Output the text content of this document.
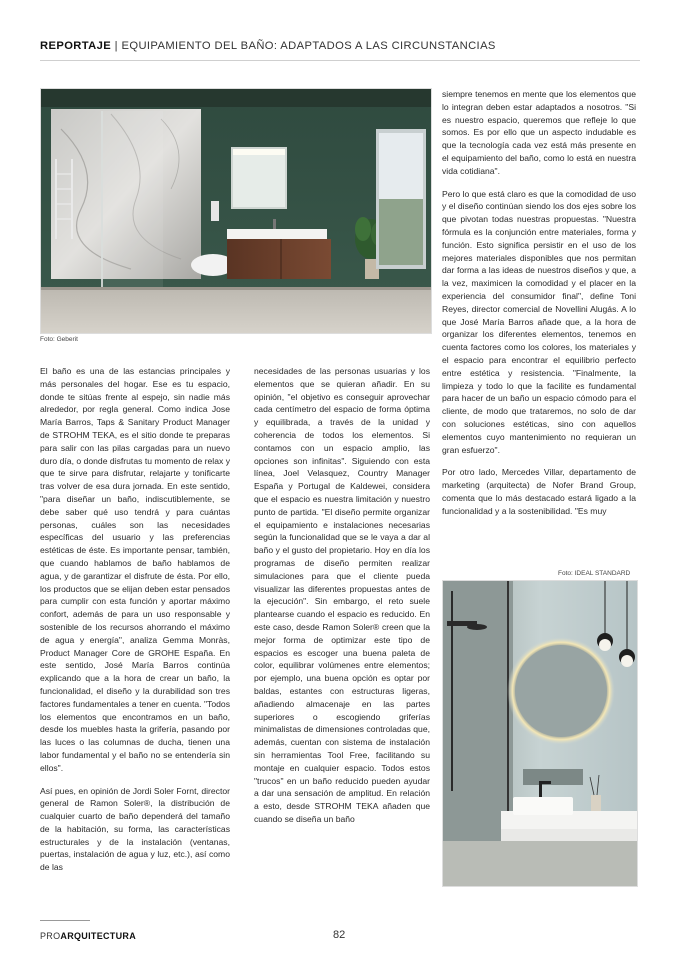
REPORTAJE | EQUIPAMIENTO DEL BAÑO: ADAPTADOS A LAS CIRCUNSTANCIAS
Foto: Geberit

El baño es una de las estancias principales y más personales del hogar. Ese es tu espacio, donde te sitúas frente al espejo, sin nadie más alrededor, por regla general. Como indica Jose María Barros, Taps & Sanitary Product Manager de STROHM TEKA, es el sitio donde te preparas para salir con las pilas cargadas para un nuevo duro día, o donde disfrutas tu momento de relax y que te sirve para disfrutar, relajarte y tonificarte tras volver de esa dura jornada. En este sentido, "para diseñar un baño, indiscutiblemente, se debe saber qué uso tendrá y para cuántas personas, cuáles son las necesidades específicas del usuario y las preferencias estéticas de éste. Es importante pensar, también, que cuando hablamos de baño hablamos de agua, y de garantizar el disfrute de ésta. Por ello, los productos que se elijan deben estar pensados para cumplir con esta función y aportar máximo confort, además de para un uso responsable y sostenible de los recursos ahorrando el máximo de agua y energía", analiza Gemma Monràs, Product Manager Core de GROHE España. En este sentido, José María Barros continúa explicando que a la hora de crear un baño, la funcionalidad, el diseño y la durabilidad son tres factores fundamentales a tener en cuenta. "Todos los elementos que encontramos en un baño, desde los muebles hasta la grifería, pasando por las luces o las columnas de ducha, tienen una labor fundamental y el baño no se entendería sin ellos".

Así pues, en opinión de Jordi Soler Fornt, director general de Ramon Soler®, la distribución de cualquier cuarto de baño dependerá del tamaño de la habitación, su forma, las características estructurales y de la instalación (ventanas, puertas, instalación de agua y luz, etc.), así como de las

necesidades de las personas usuarias y los elementos que se quieran añadir. En su opinión, "el objetivo es conseguir aprovechar cada centímetro del espacio de forma óptima y equilibrada, a través de la unidad y coherencia de todos los elementos. Si contamos con un espacio amplio, las opciones son infinitas". Siguiendo con esta línea, Joel Velasquez, Country Manager España y Portugal de Kaldewei, considera que el espacio es nuestra limitación y nuestro punto de partida. "El diseño permite organizar el equipamiento e instalaciones necesarias según la funcionalidad que se le vaya a dar al baño y el gusto del propietario. Hoy en día los programas de diseño permiten realizar simulaciones para que el cliente pueda visualizar las diferentes propuestas antes de la ejecución". Sin embargo, el reto suele plantearse cuando el espacio es reducido. En este caso, desde Ramon Soler® creen que la mejor forma de optimizar este tipo de espacios es escoger una buena paleta de color, equilibrar volúmenes entre elementos; por ejemplo, una buena opción es optar por baldas, estantes con estructuras ligeras, añadiendo almacenaje en las partes superiores o escogiendo griferías minimalistas de dimensiones controladas que, además, cuentan con sistema de instalación sin herramientas Tool Free, facilitando su montaje en cualquier espacio. Todos estos "trucos" en un baño reducido pueden ayudar a dar una sensación de amplitud. En relación a esto, desde STROHM TEKA añaden que cuando se diseña un baño

siempre tenemos en mente que los elementos que lo integran deben estar adaptados a nosotros. "Si es nuestro espacio, queremos que refleje lo que somos. Es por ello que un aspecto indudable es que la tecnología cada vez está más presente en el equipamiento del baño, como lo está en nuestra vida cotidiana".

Pero lo que está claro es que la comodidad de uso y el diseño continúan siendo los dos ejes sobre los que pivotan todas nuestras propuestas. "Nuestra fórmula es la conjunción entre materiales, forma y función. Esto significa persistir en el uso de los mejores materiales disponibles que nos permitan dar forma a las ideas de nuestros diseños y que, a la vez, maximicen la comodidad y el placer en la experiencia del consumidor final", define Toni Reyes, director comercial de Novellini Alugás. A lo que José María Barros añade que, a la hora de organizar los diferentes elementos, tenemos en cuenta factores como los colores, los materiales y el espacio para encontrar el equilibrio perfecto entre estética y resistencia. "Finalmente, la limpieza y todo lo que la facilite es fundamental para hacer de un baño un espacio cómodo para el cliente, de modo que trataremos, no solo de dar con soluciones estéticas, sino con aquellos elementos cuyo mantenimiento no requieran un gran esfuerzo".

Por otro lado, Mercedes Villar, departamento de marketing (arquitecta) de Nofer Brand Group, comenta que lo más destacado estará ligado a la funcionalidad y a la sostenibilidad. "Es muy

Foto: IDEAL STANDARD
PROARQUITECTURA	82
